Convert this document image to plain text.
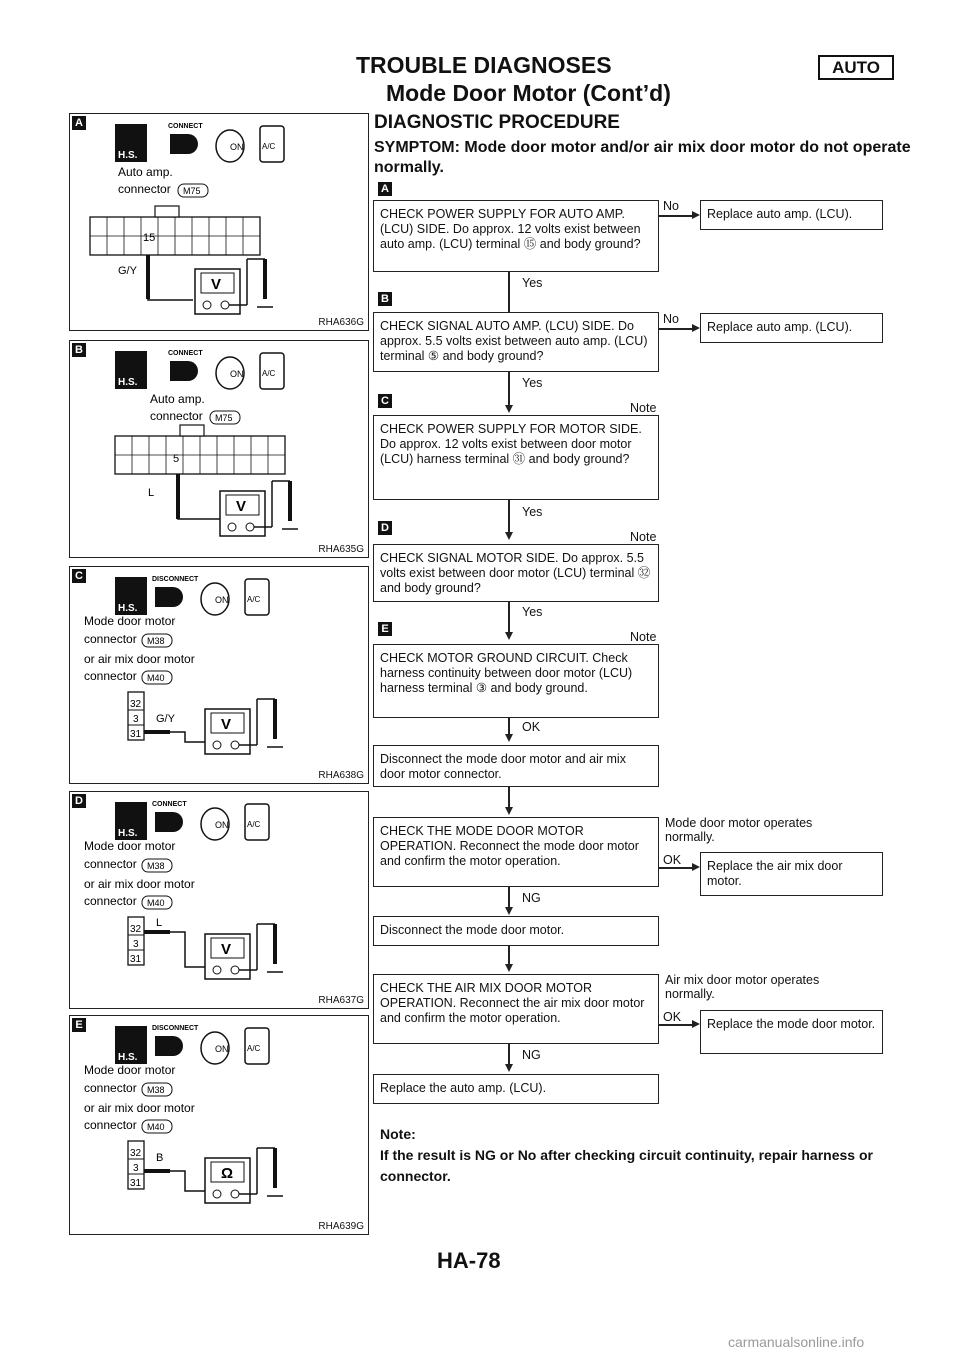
TROUBLE DIAGNOSES	AUTO
Mode Door Motor (Cont’d)
DIAGNOSTIC PROCEDURE
SYMPTOM: Mode door motor and/or air mix door motor do not operate normally.
A
H.S.
CONNECT
ON A/C
Auto amp.
connector M75
15
G/Y
V
RHA636G
B
H.S.
CONNECT
ON A/C
Auto amp.
connector M75
5
L
V
RHA635G
C
H.S.
DISCONNECT
ON A/C
Mode door motor
connector M38
or air mix door motor
connector M40
32
3
31
G/Y	V
RHA638G
D
H.S.
CONNECT
ON A/C
Mode door motor
connector M38
or air mix door motor
connector M40
32
3
31
L
V
RHA637G
E
H.S.
DISCONNECT
ON A/C
Mode door motor
connector M38
or air mix door motor
connector M40
32
3
31
B
Ω
RHA639G
A
B
C
D
E
CHECK POWER SUPPLY FOR AUTO AMP. (LCU) SIDE. Do approx. 12 volts exist between auto amp. (LCU) terminal ⑮ and body ground?
No
Replace auto amp. (LCU).
Yes
CHECK SIGNAL AUTO AMP. (LCU) SIDE. Do approx. 5.5 volts exist between auto amp. (LCU) terminal ⑤ and body ground?
No
Replace auto amp. (LCU).
Yes
Note
CHECK POWER SUPPLY FOR MOTOR SIDE. Do approx. 12 volts exist between door motor (LCU) harness terminal ㉛ and body ground?
Yes
Note
CHECK SIGNAL MOTOR SIDE. Do approx. 5.5 volts exist between door motor (LCU) terminal ㉜ and body ground?
Yes
Note
CHECK MOTOR GROUND CIRCUIT. Check harness continuity between door motor (LCU) harness terminal ③ and body ground.
OK
Disconnect the mode door motor and air mix door motor connector.
CHECK THE MODE DOOR MOTOR OPERATION. Reconnect the mode door motor and confirm the motor operation.
Mode door motor operates normally.
OK	Replace the air mix door motor.
NG
Disconnect the mode door motor.
CHECK THE AIR MIX DOOR MOTOR OPERATION. Reconnect the air mix door motor and confirm the motor operation.
Air mix door motor operates normally.
OK	Replace the mode door motor.
NG
Replace the auto amp. (LCU).
Note:
If the result is NG or No after checking circuit continuity, repair harness or connector.
HA-78
carmanualsonline.info
